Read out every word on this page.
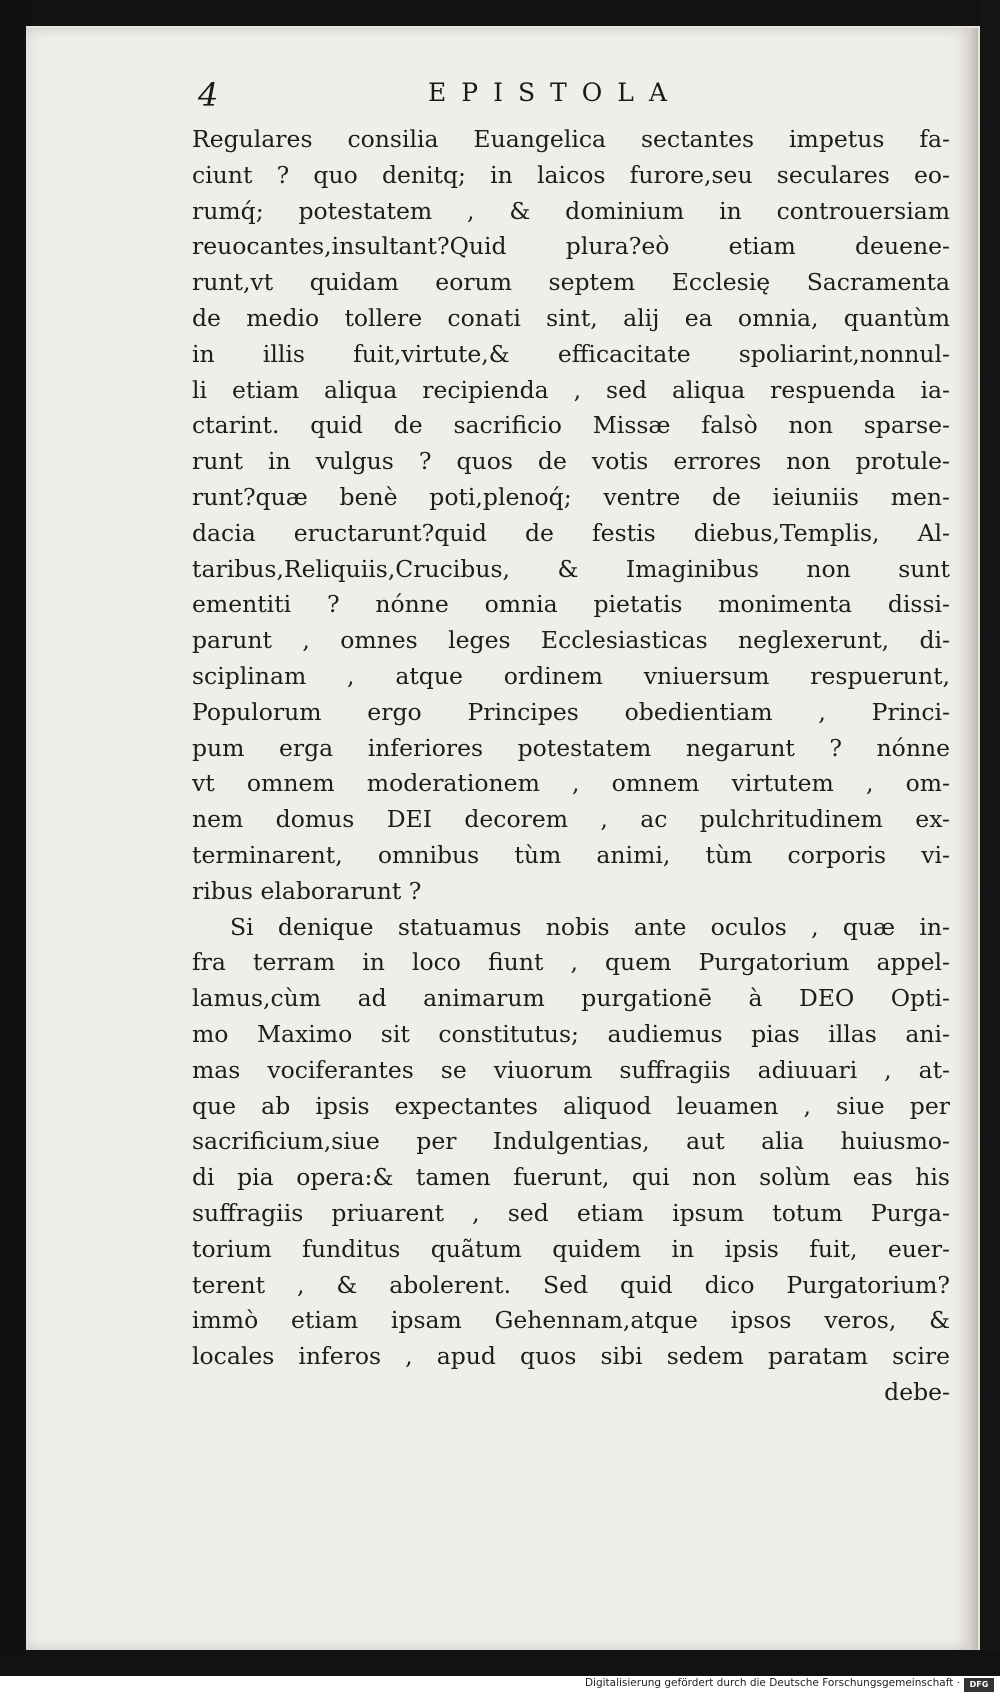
4	EPISTOLA
Regulares consilia Euangelica sectantes impetus fa-
ciunt ? quo denitq; in laicos furore,seu seculares eo-
rumq́; potestatem , & dominium in controuersiam
reuocantes,insultant?Quid plura?eò etiam deuene-
runt,vt quidam eorum septem Ecclesię Sacramenta
de medio tollere conati sint, alij ea omnia, quantùm
in illis fuit,virtute,& efficacitate spoliarint,nonnul-
li etiam aliqua recipienda , sed aliqua respuenda ia-
ctarint. quid de sacrificio Missæ falsò non sparse-
runt in vulgus ? quos de votis errores non protule-
runt?quæ benè poti,plenoq́; ventre de ieiuniis men-
dacia eructarunt?quid de festis diebus,Templis, Al-
taribus,Reliquiis,Crucibus, & Imaginibus non sunt
ementiti ? nónne omnia pietatis monimenta dissi-
parunt , omnes leges Ecclesiasticas neglexerunt, di-
sciplinam , atque ordinem vniuersum respuerunt,
Populorum ergo Principes obedientiam , Princi-
pum erga inferiores potestatem negarunt ? nónne
vt omnem moderationem , omnem virtutem , om-
nem domus DEI decorem , ac pulchritudinem ex-
terminarent, omnibus tùm animi, tùm corporis vi-
ribus elaborarunt ?
Si denique statuamus nobis ante oculos , quæ in-
fra terram in loco fiunt , quem Purgatorium appel-
lamus,cùm ad animarum purgationē à DEO Opti-
mo Maximo sit constitutus; audiemus pias illas ani-
mas vociferantes se viuorum suffragiis adiuuari , at-
que ab ipsis expectantes aliquod leuamen , siue per
sacrificium,siue per Indulgentias, aut alia huiusmo-
di pia opera:& tamen fuerunt, qui non solùm eas his
suffragiis priuarent , sed etiam ipsum totum Purga-
torium funditus quãtum quidem in ipsis fuit, euer-
terent , & abolerent. Sed quid dico Purgatorium?
immò etiam ipsam Gehennam,atque ipsos veros, &
locales inferos , apud quos sibi sedem paratam scire
debe-
Digitalisierung gefördert durch die Deutsche Forschungsgemeinschaft ·	DFG
